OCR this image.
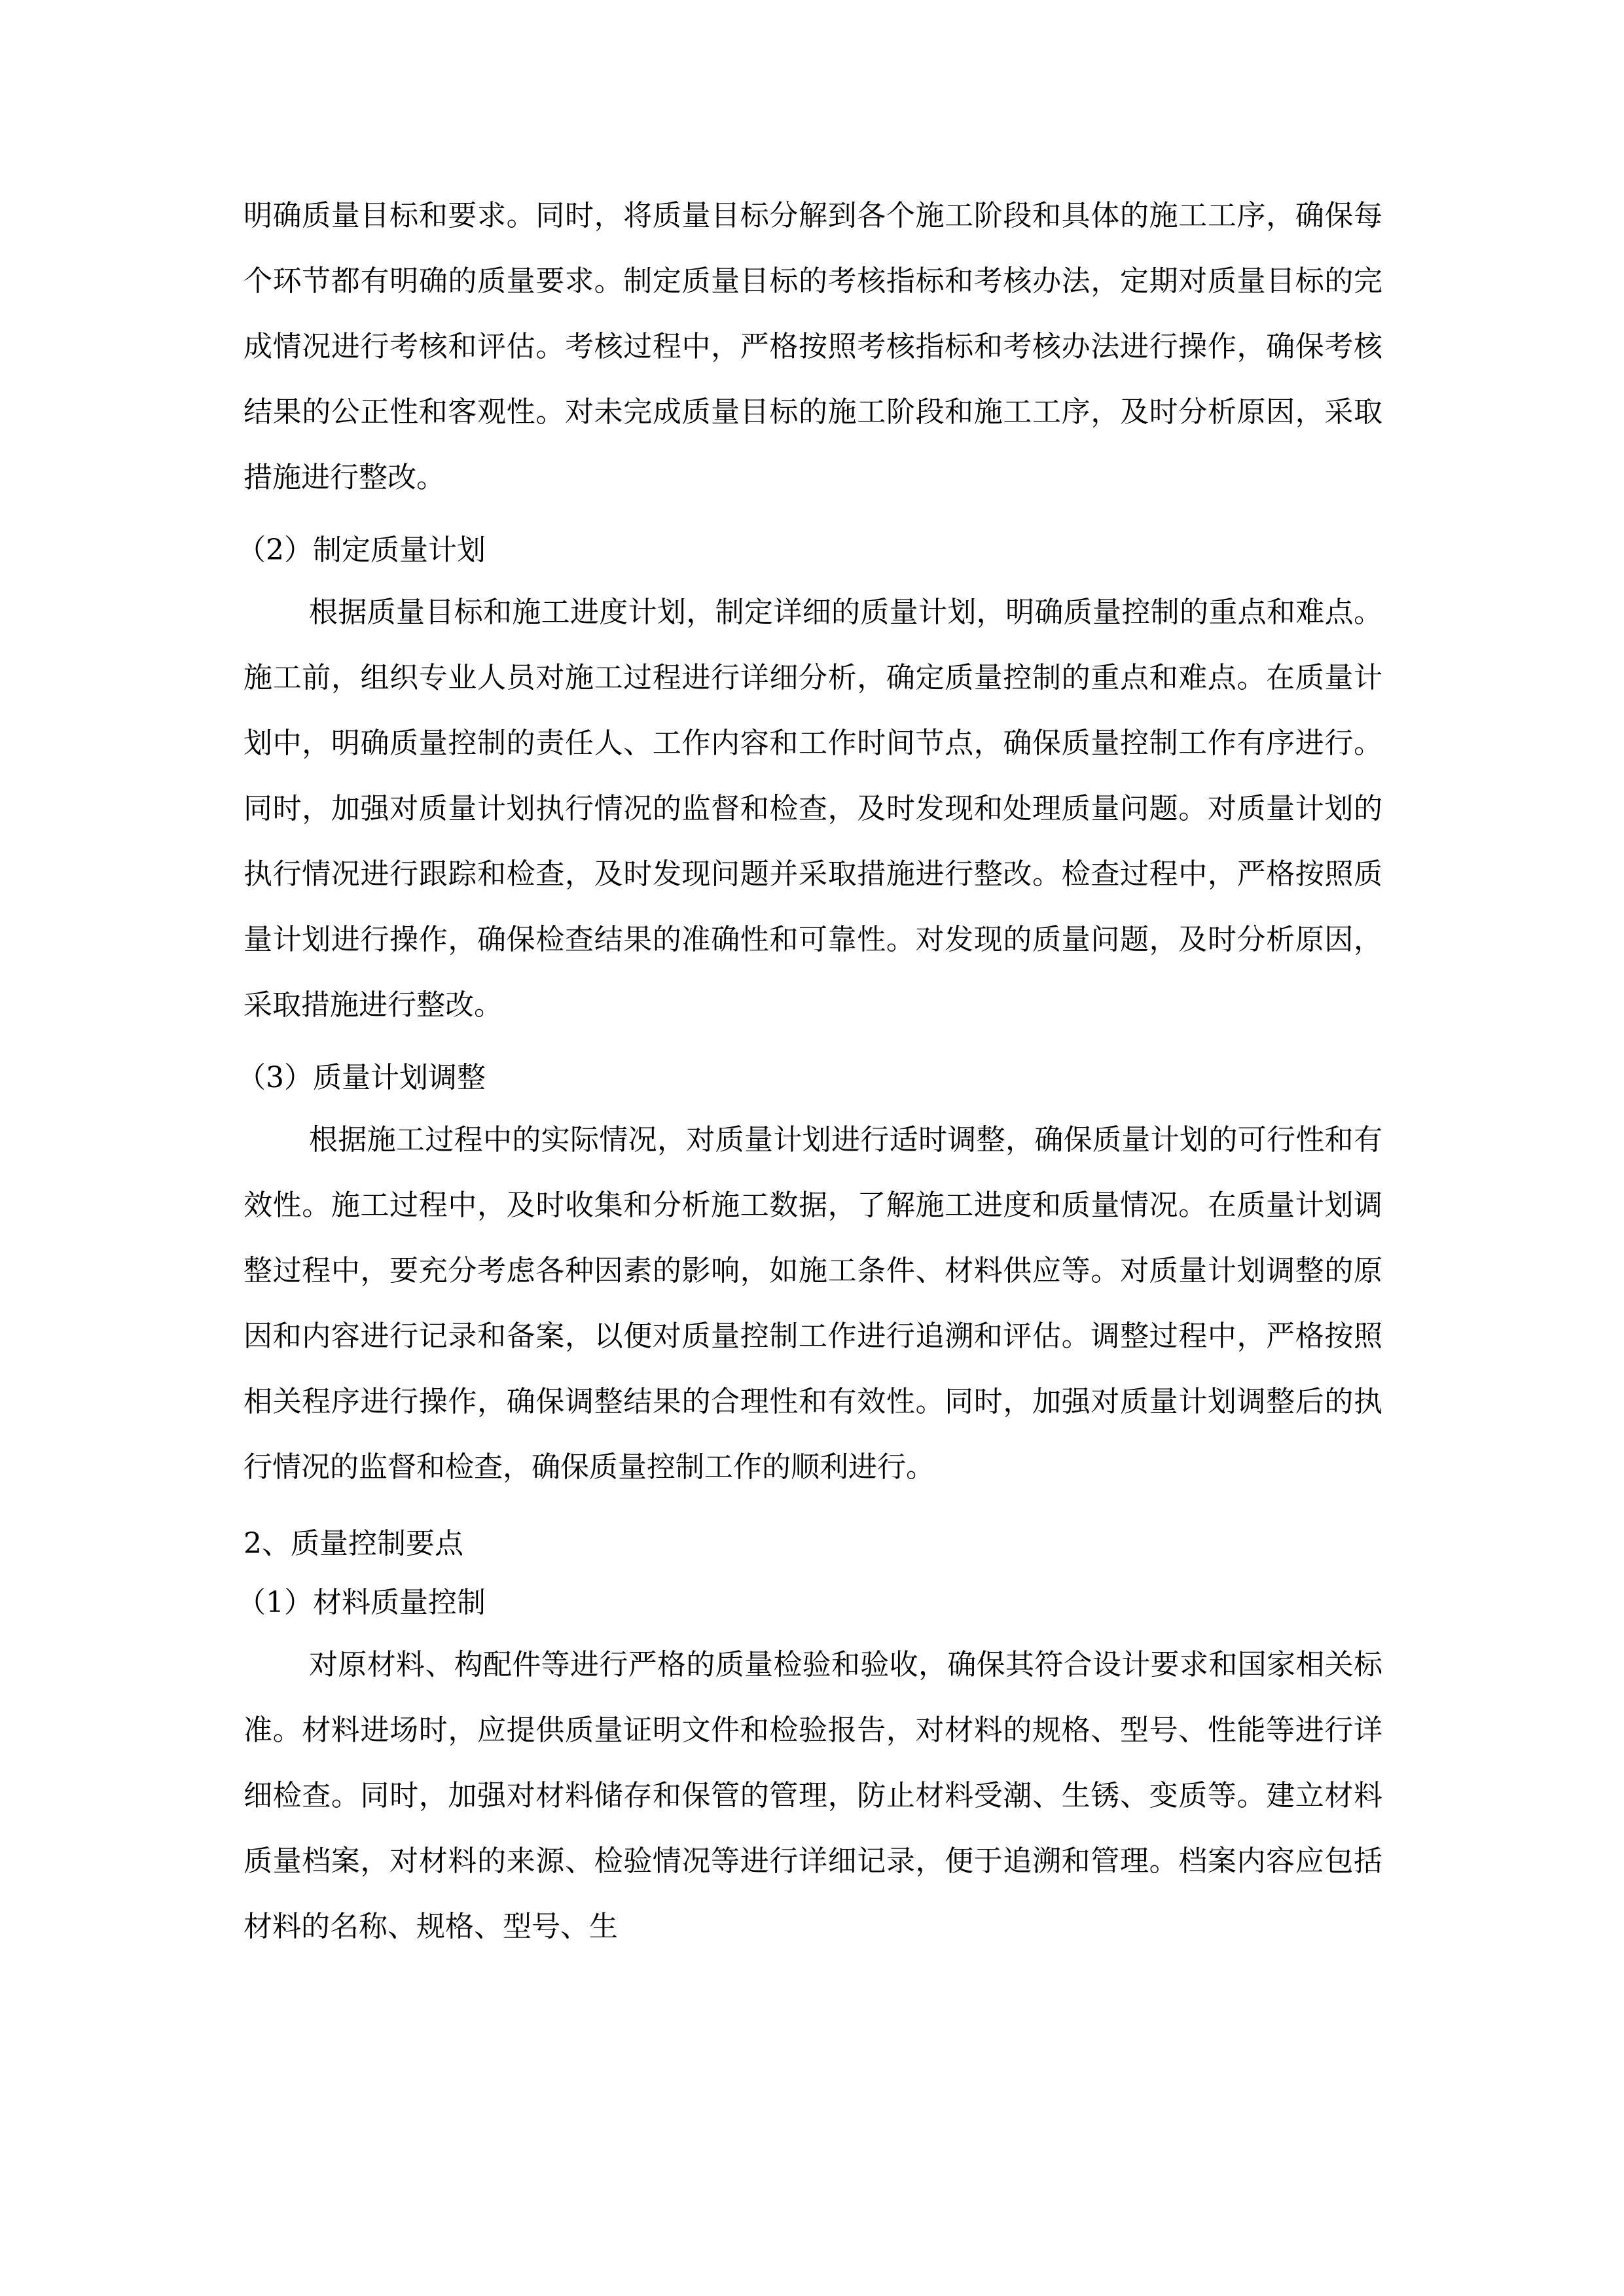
明确质量目标和要求。同时，将质量目标分解到各个施工阶段和具体的施工工序，确保每个环节都有明确的质量要求。制定质量目标的考核指标和考核办法，定期对质量目标的完成情况进行考核和评估。考核过程中，严格按照考核指标和考核办法进行操作，确保考核结果的公正性和客观性。对未完成质量目标的施工阶段和施工工序，及时分析原因，采取措施进行整改。

（2）制定质量计划

根据质量目标和施工进度计划，制定详细的质量计划，明确质量控制的重点和难点。施工前，组织专业人员对施工过程进行详细分析，确定质量控制的重点和难点。在质量计划中，明确质量控制的责任人、工作内容和工作时间节点，确保质量控制工作有序进行。同时，加强对质量计划执行情况的监督和检查，及时发现和处理质量问题。对质量计划的执行情况进行跟踪和检查，及时发现问题并采取措施进行整改。检查过程中，严格按照质量计划进行操作，确保检查结果的准确性和可靠性。对发现的质量问题，及时分析原因，采取措施进行整改。

（3）质量计划调整

根据施工过程中的实际情况，对质量计划进行适时调整，确保质量计划的可行性和有效性。施工过程中，及时收集和分析施工数据，了解施工进度和质量情况。在质量计划调整过程中，要充分考虑各种因素的影响，如施工条件、材料供应等。对质量计划调整的原因和内容进行记录和备案，以便对质量控制工作进行追溯和评估。调整过程中，严格按照相关程序进行操作，确保调整结果的合理性和有效性。同时，加强对质量计划调整后的执行情况的监督和检查，确保质量控制工作的顺利进行。

2、质量控制要点

（1）材料质量控制

对原材料、构配件等进行严格的质量检验和验收，确保其符合设计要求和国家相关标准。材料进场时，应提供质量证明文件和检验报告，对材料的规格、型号、性能等进行详细检查。同时，加强对材料储存和保管的管理，防止材料受潮、生锈、变质等。建立材料质量档案，对材料的来源、检验情况等进行详细记录，便于追溯和管理。档案内容应包括材料的名称、规格、型号、生
